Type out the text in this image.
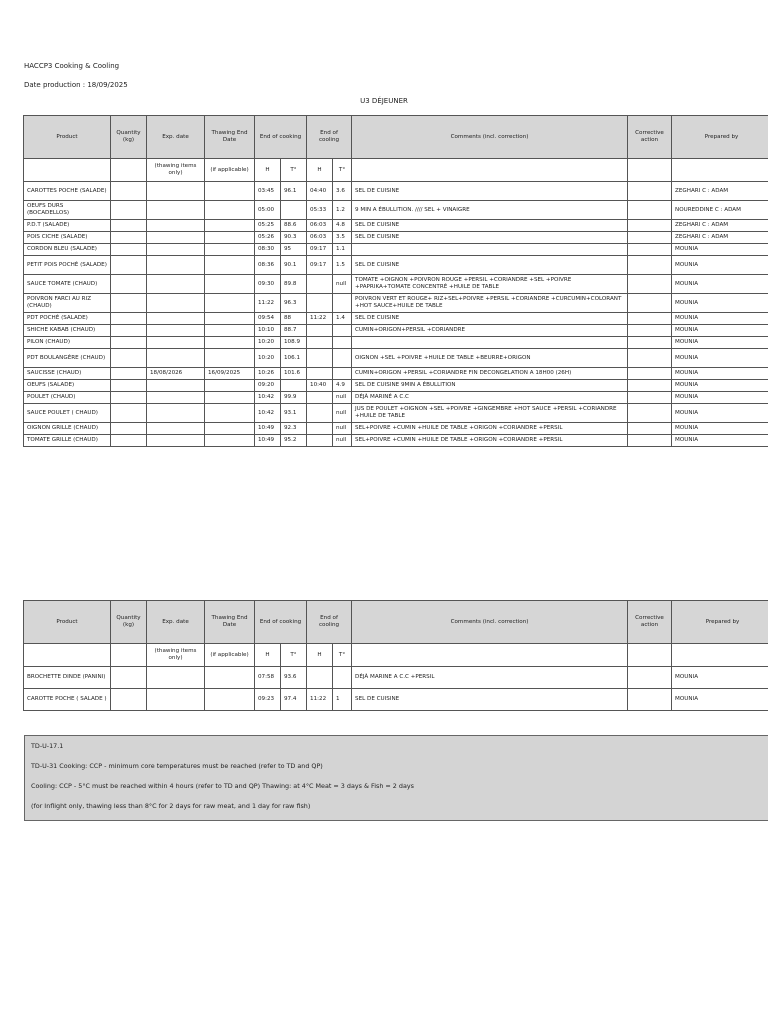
HACCP3 Cooking & Cooling
Date production : 18/09/2025
U3 DÉJEUNER
Product	Quantity (kg)	Exp. date	Thawing End Date	End of cooking		End of cooling		Comments (incl. correction)	Corrective action	Prepared by
		(thawing items only)	(if applicable)	H	T°	H	T°			
CAROTTES POCHE (SALADE)				03:45	96.1	04:40	3.6	SEL DE CUISINE		ZEGHARI C : ADAM
OEUFS DURS (BOCADELLOS)				05:00		05:33	1.2	9 MIN A ÉBULLITION. //// SEL + VINAIGRE		NOUREDDINE C : ADAM
P.D.T (SALADE)				05:25	88.6	06:03	4.8	SEL DE CUISINE		ZEGHARI C : ADAM
POIS CICHE (SALADE)				05:26	90.3	06:03	3.5	SEL DE CUISINE		ZEGHARI C : ADAM
CORDON BLEU (SALADE)				08:30	95	09:17	1.1			MOUNIA
PETIT POIS POCHÉ (SALADE)				08:36	90.1	09:17	1.5	SEL DE CUISINE		MOUNIA
SAUCE TOMATE (CHAUD)				09:30	89.8		null	TOMATE +OIGNON +POIVRON ROUGE +PERSIL +CORIANDRE +SEL +POIVRE +PAPRIKA+TOMATE CONCENTRÉ +HUILE DE TABLE		MOUNIA
POIVRON FARCI AU RIZ (CHAUD)				11:22	96.3			POIVRON VERT ET ROUGE+ RIZ+SEL+POIVRE +PERSIL +CORIANDRE +CURCUMIN+COLORANT +HOT SAUCE+HUILE DE TABLE		MOUNIA
PDT POCHÉ (SALADE)				09:54	88	11:22	1.4	SEL DE CUISINE		MOUNIA
SHICHE KABAB (CHAUD)				10:10	88.7			CUMIN+ORIGON+PERSIL +CORIANDRE		MOUNIA
PILON (CHAUD)				10:20	108.9					MOUNIA
PDT BOULANGÈRE (CHAUD)				10:20	106.1			OIGNON +SEL +POIVRE +HUILE DE TABLE +BEURRE+ORIGON		MOUNIA
SAUCISSE (CHAUD)		18/08/2026	16/09/2025	10:26	101.6			CUMIN+ORIGON +PERSIL +CORIANDRE FIN DECONGELATION A 18H00 (26H)		MOUNIA
OEUFS (SALADE)				09:20		10:40	4.9	SEL DE CUISINE 9MIN A ÉBULLITION		MOUNIA
POULET (CHAUD)				10:42	99.9		null	DÉJÀ MARINÉ A C.C		MOUNIA
SAUCE POULET ( CHAUD)				10:42	93.1		null	JUS DE POULET +OIGNON +SEL +POIVRE +GINGEMBRE +HOT SAUCE +PERSIL +CORIANDRE +HUILE DE TABLE		MOUNIA
OIGNON GRILLE (CHAUD)				10:49	92.3		null	SEL+POIVRE +CUMIN +HUILE DE TABLE +ORIGON +CORIANDRE +PERSIL		MOUNIA
TOMATE GRILLE (CHAUD)				10:49	95.2		null	SEL+POIVRE +CUMIN +HUILE DE TABLE +ORIGON +CORIANDRE +PERSIL		MOUNIA
Product	Quantity (kg)	Exp. date	Thawing End Date	End of cooking		End of cooling		Comments (incl. correction)	Corrective action	Prepared by
		(thawing items only)	(if applicable)	H	T°	H	T°			
BROCHETTE DINDE (PANINI)				07:58	93.6			DÉJÀ MARINE A C.C +PERSIL		MOUNIA
CAROTTE POCHE ( SALADE )				09:23	97.4	11:22	1	SEL DE CUISINE		MOUNIA
TD-U-17.1
TD-U-31 Cooking: CCP - minimum core temperatures must be reached (refer to TD and QP)
Cooling: CCP - 5°C must be reached within 4 hours (refer to TD and QP) Thawing: at 4°C Meat = 3 days & Fish = 2 days
(for Inflight only, thawing less than 8°C for 2 days for raw meat, and 1 day for raw fish)
